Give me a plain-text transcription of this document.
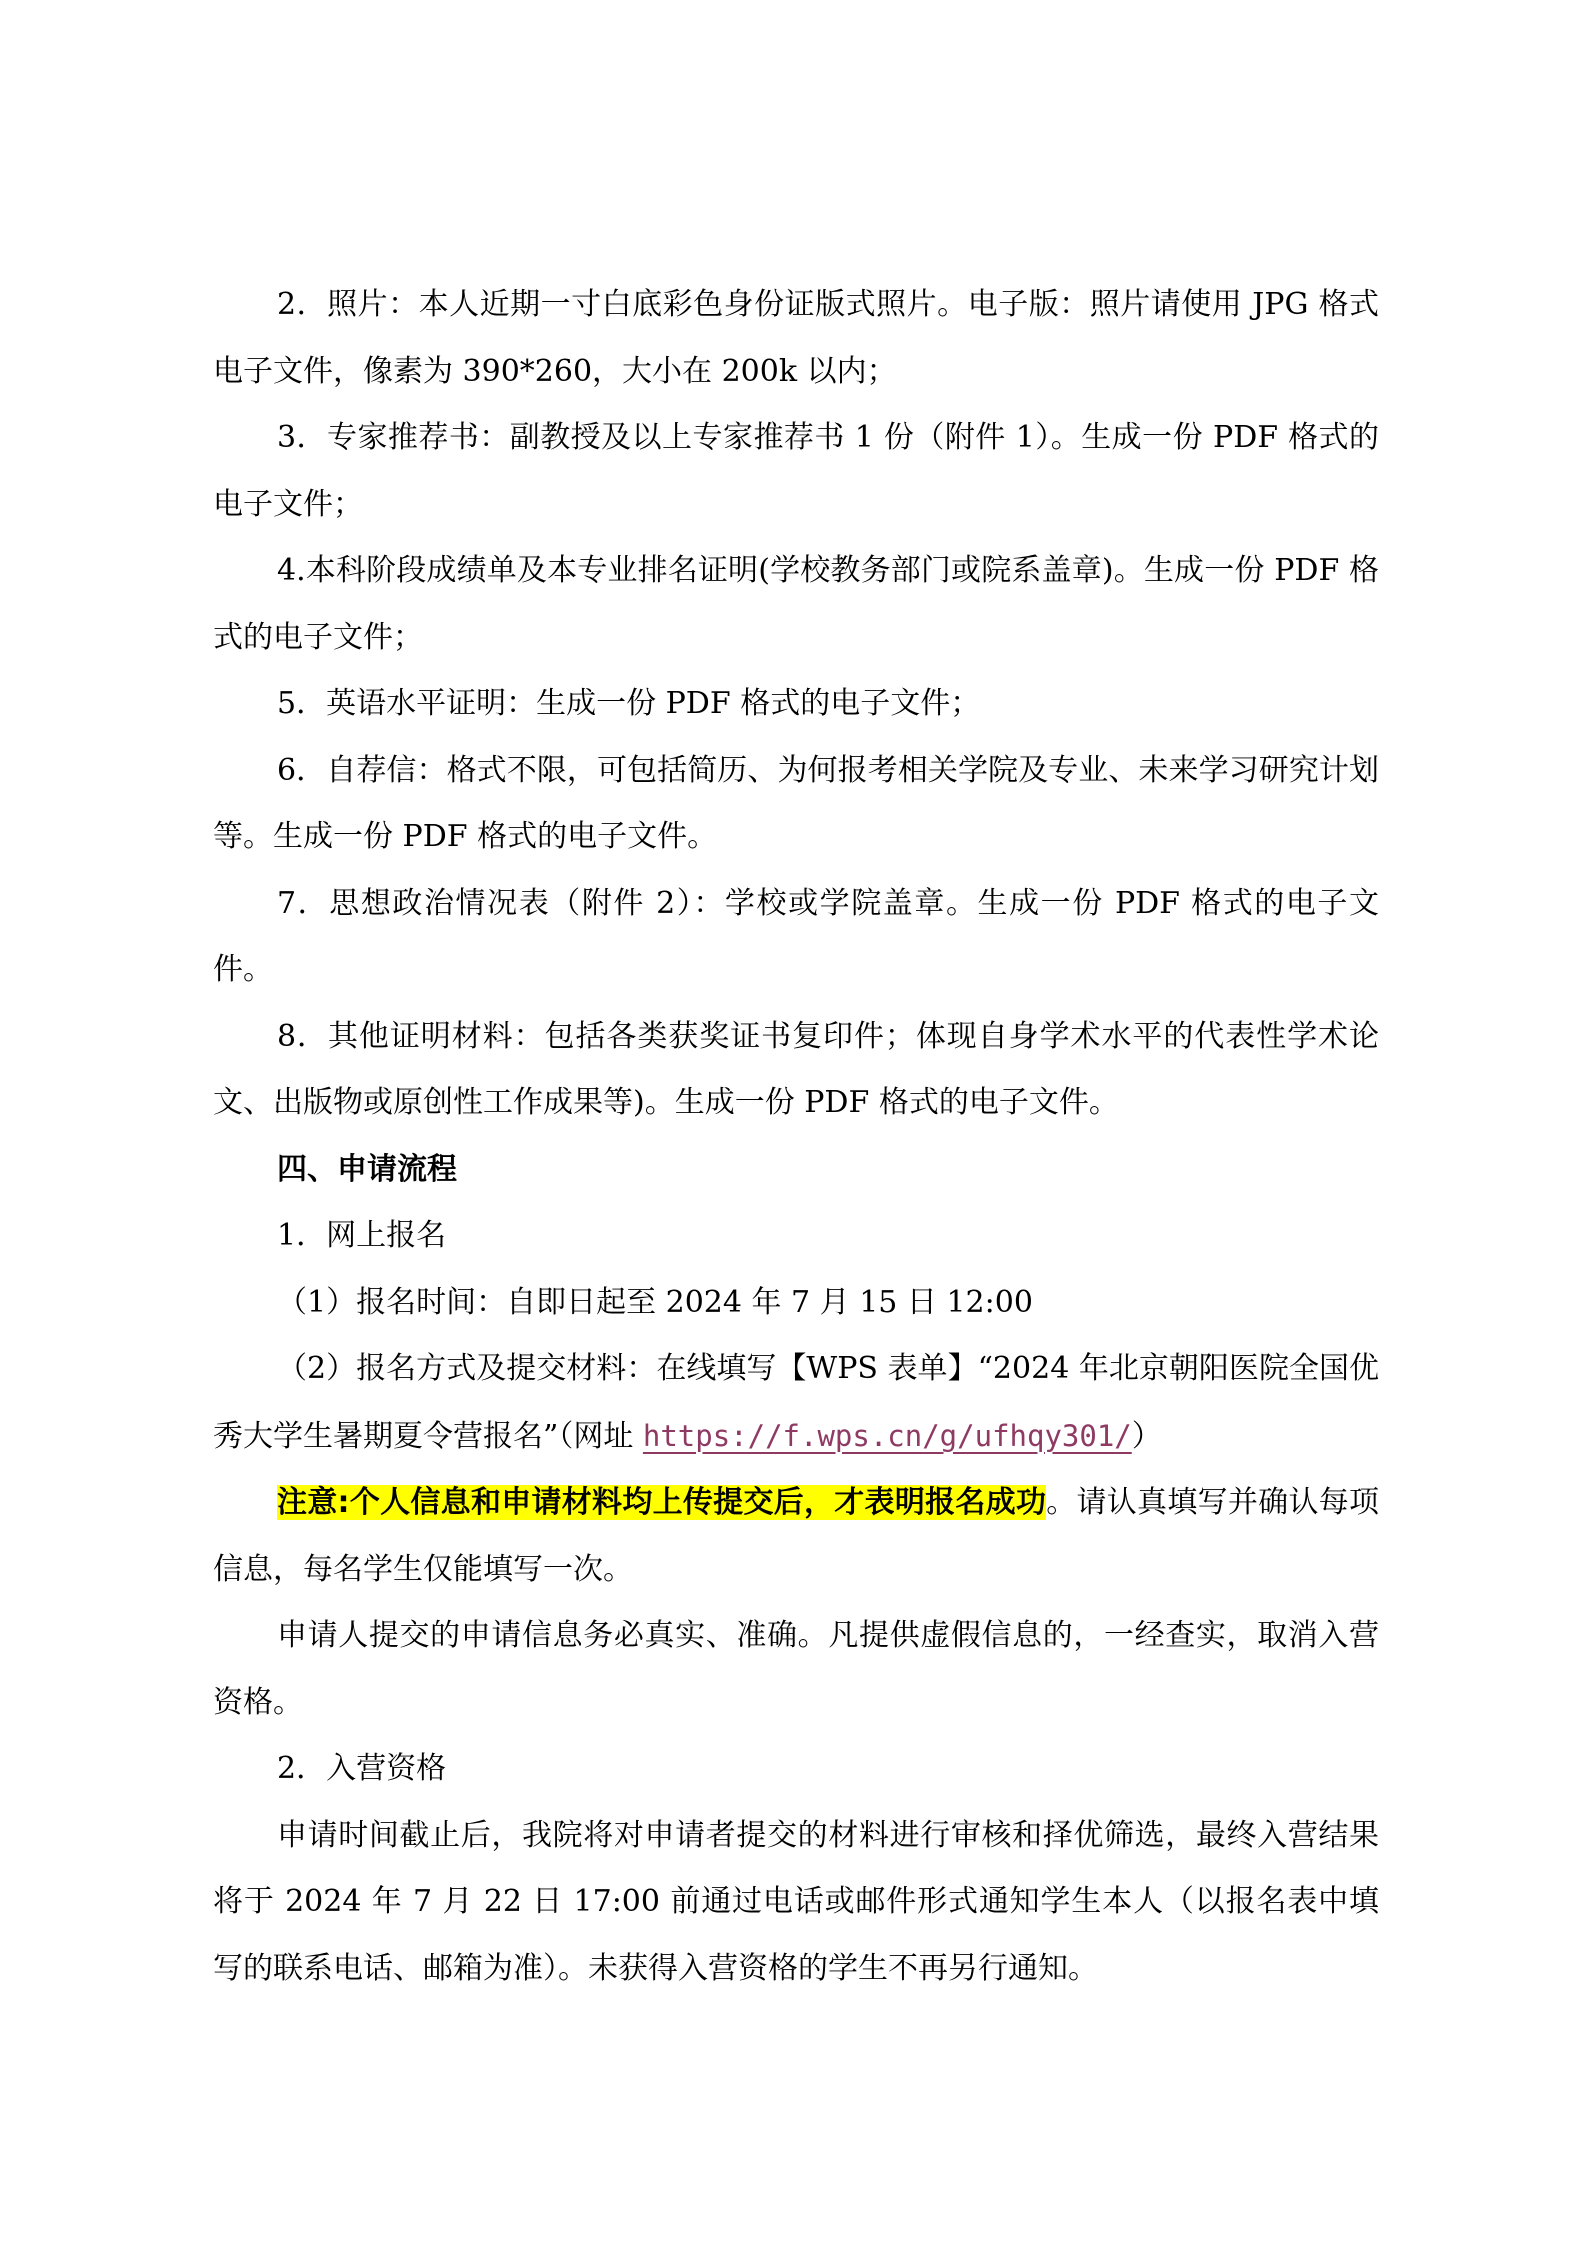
2．照片：本人近期一寸白底彩色身份证版式照片。电子版：照片请使用 JPG 格式电子文件，像素为 390*260，大小在 200k 以内；

3．专家推荐书：副教授及以上专家推荐书 1 份（附件 1）。生成一份 PDF 格式的电子文件；

4.本科阶段成绩单及本专业排名证明(学校教务部门或院系盖章)。生成一份 PDF 格式的电子文件；

5．英语水平证明：生成一份 PDF 格式的电子文件；

6．自荐信：格式不限，可包括简历、为何报考相关学院及专业、未来学习研究计划等。生成一份 PDF 格式的电子文件。

7．思想政治情况表（附件 2）：学校或学院盖章。生成一份 PDF 格式的电子文件。

8．其他证明材料：包括各类获奖证书复印件；体现自身学术水平的代表性学术论文、出版物或原创性工作成果等)。生成一份 PDF 格式的电子文件。

四、申请流程

1．网上报名

（1）报名时间：自即日起至 2024 年 7 月 15 日 12:00

（2）报名方式及提交材料：在线填写【WPS 表单】“2024 年北京朝阳医院全国优秀大学生暑期夏令营报名”（网址 https://f.wps.cn/g/ufhqy301/）

注意:个人信息和申请材料均上传提交后，才表明报名成功。请认真填写并确认每项信息，每名学生仅能填写一次。

申请人提交的申请信息务必真实、准确。凡提供虚假信息的，一经查实，取消入营资格。

2．入营资格

申请时间截止后，我院将对申请者提交的材料进行审核和择优筛选，最终入营结果将于 2024 年 7 月 22 日 17:00 前通过电话或邮件形式通知学生本人（以报名表中填写的联系电话、邮箱为准）。未获得入营资格的学生不再另行通知。
